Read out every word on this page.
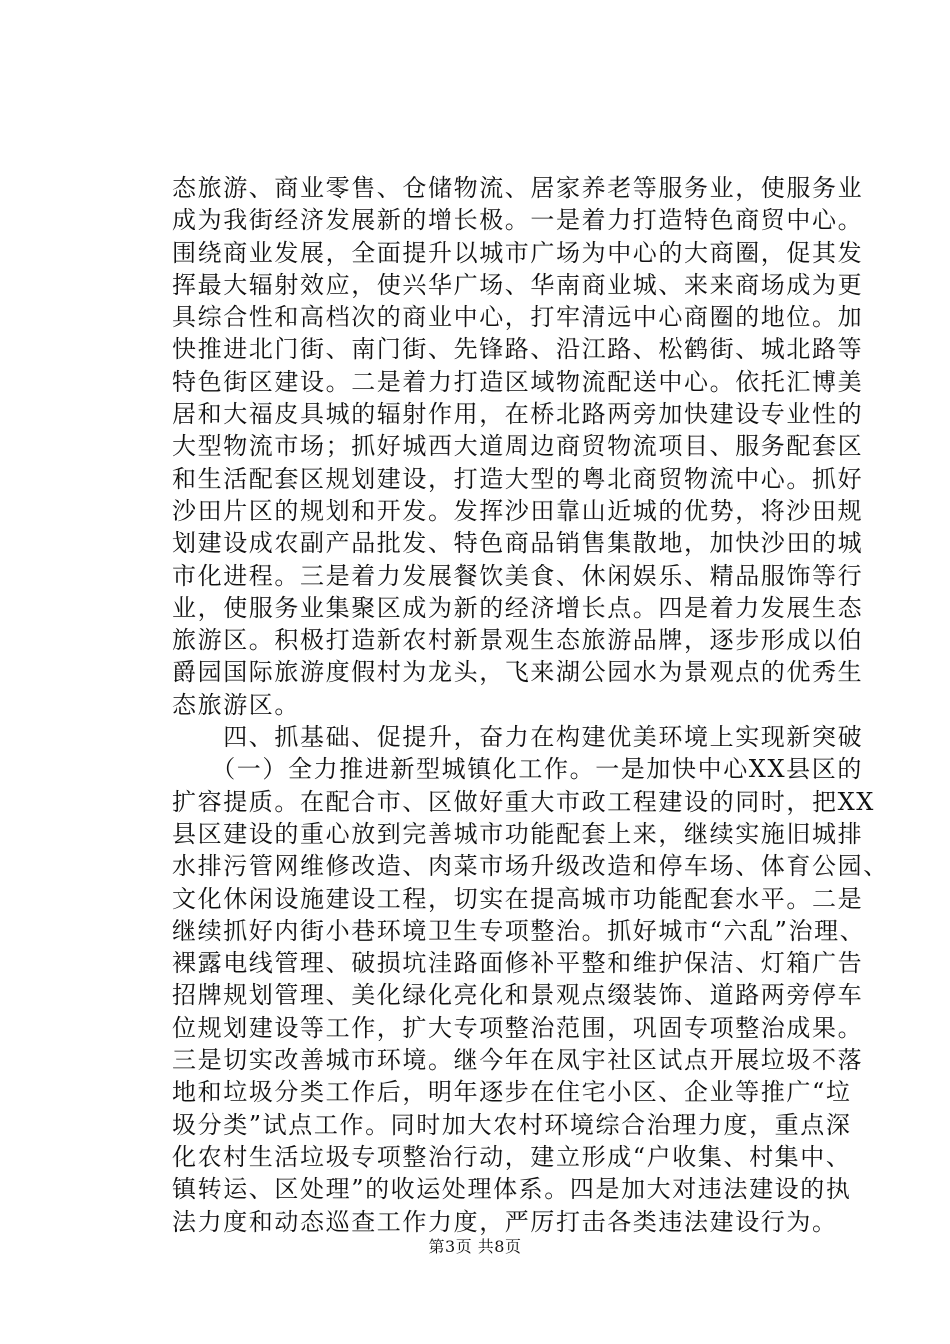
态旅游、商业零售、仓储物流、居家养老等服务业，使服务业
成为我街经济发展新的增长极。一是着力打造特色商贸中心。
围绕商业发展，全面提升以城市广场为中心的大商圈，促其发
挥最大辐射效应，使兴华广场、华南商业城、来来商场成为更
具综合性和高档次的商业中心，打牢清远中心商圈的地位。加
快推进北门街、南门街、先锋路、沿江路、松鹤街、城北路等
特色街区建设。二是着力打造区域物流配送中心。依托汇博美
居和大福皮具城的辐射作用，在桥北路两旁加快建设专业性的
大型物流市场；抓好城西大道周边商贸物流项目、服务配套区
和生活配套区规划建设，打造大型的粤北商贸物流中心。抓好
沙田片区的规划和开发。发挥沙田靠山近城的优势，将沙田规
划建设成农副产品批发、特色商品销售集散地，加快沙田的城
市化进程。三是着力发展餐饮美食、休闲娱乐、精品服饰等行
业，使服务业集聚区成为新的经济增长点。四是着力发展生态
旅游区。积极打造新农村新景观生态旅游品牌，逐步形成以伯
爵园国际旅游度假村为龙头，飞来湖公园水为景观点的优秀生
态旅游区。
　　四、抓基础、促提升，奋力在构建优美环境上实现新突破
　　（一）全力推进新型城镇化工作。一是加快中心XX县区的
扩容提质。在配合市、区做好重大市政工程建设的同时，把XX
县区建设的重心放到完善城市功能配套上来，继续实施旧城排
水排污管网维修改造、肉菜市场升级改造和停车场、体育公园、
文化休闲设施建设工程，切实在提高城市功能配套水平。二是
继续抓好内街小巷环境卫生专项整治。抓好城市“六乱”治理、
裸露电线管理、破损坑洼路面修补平整和维护保洁、灯箱广告
招牌规划管理、美化绿化亮化和景观点缀装饰、道路两旁停车
位规划建设等工作，扩大专项整治范围，巩固专项整治成果。
三是切实改善城市环境。继今年在凤宇社区试点开展垃圾不落
地和垃圾分类工作后，明年逐步在住宅小区、企业等推广“垃
圾分类”试点工作。同时加大农村环境综合治理力度，重点深
化农村生活垃圾专项整治行动，建立形成“户收集、村集中、
镇转运、区处理”的收运处理体系。四是加大对违法建设的执
法力度和动态巡查工作力度，严厉打击各类违法建设行为。
第3页 共8页
